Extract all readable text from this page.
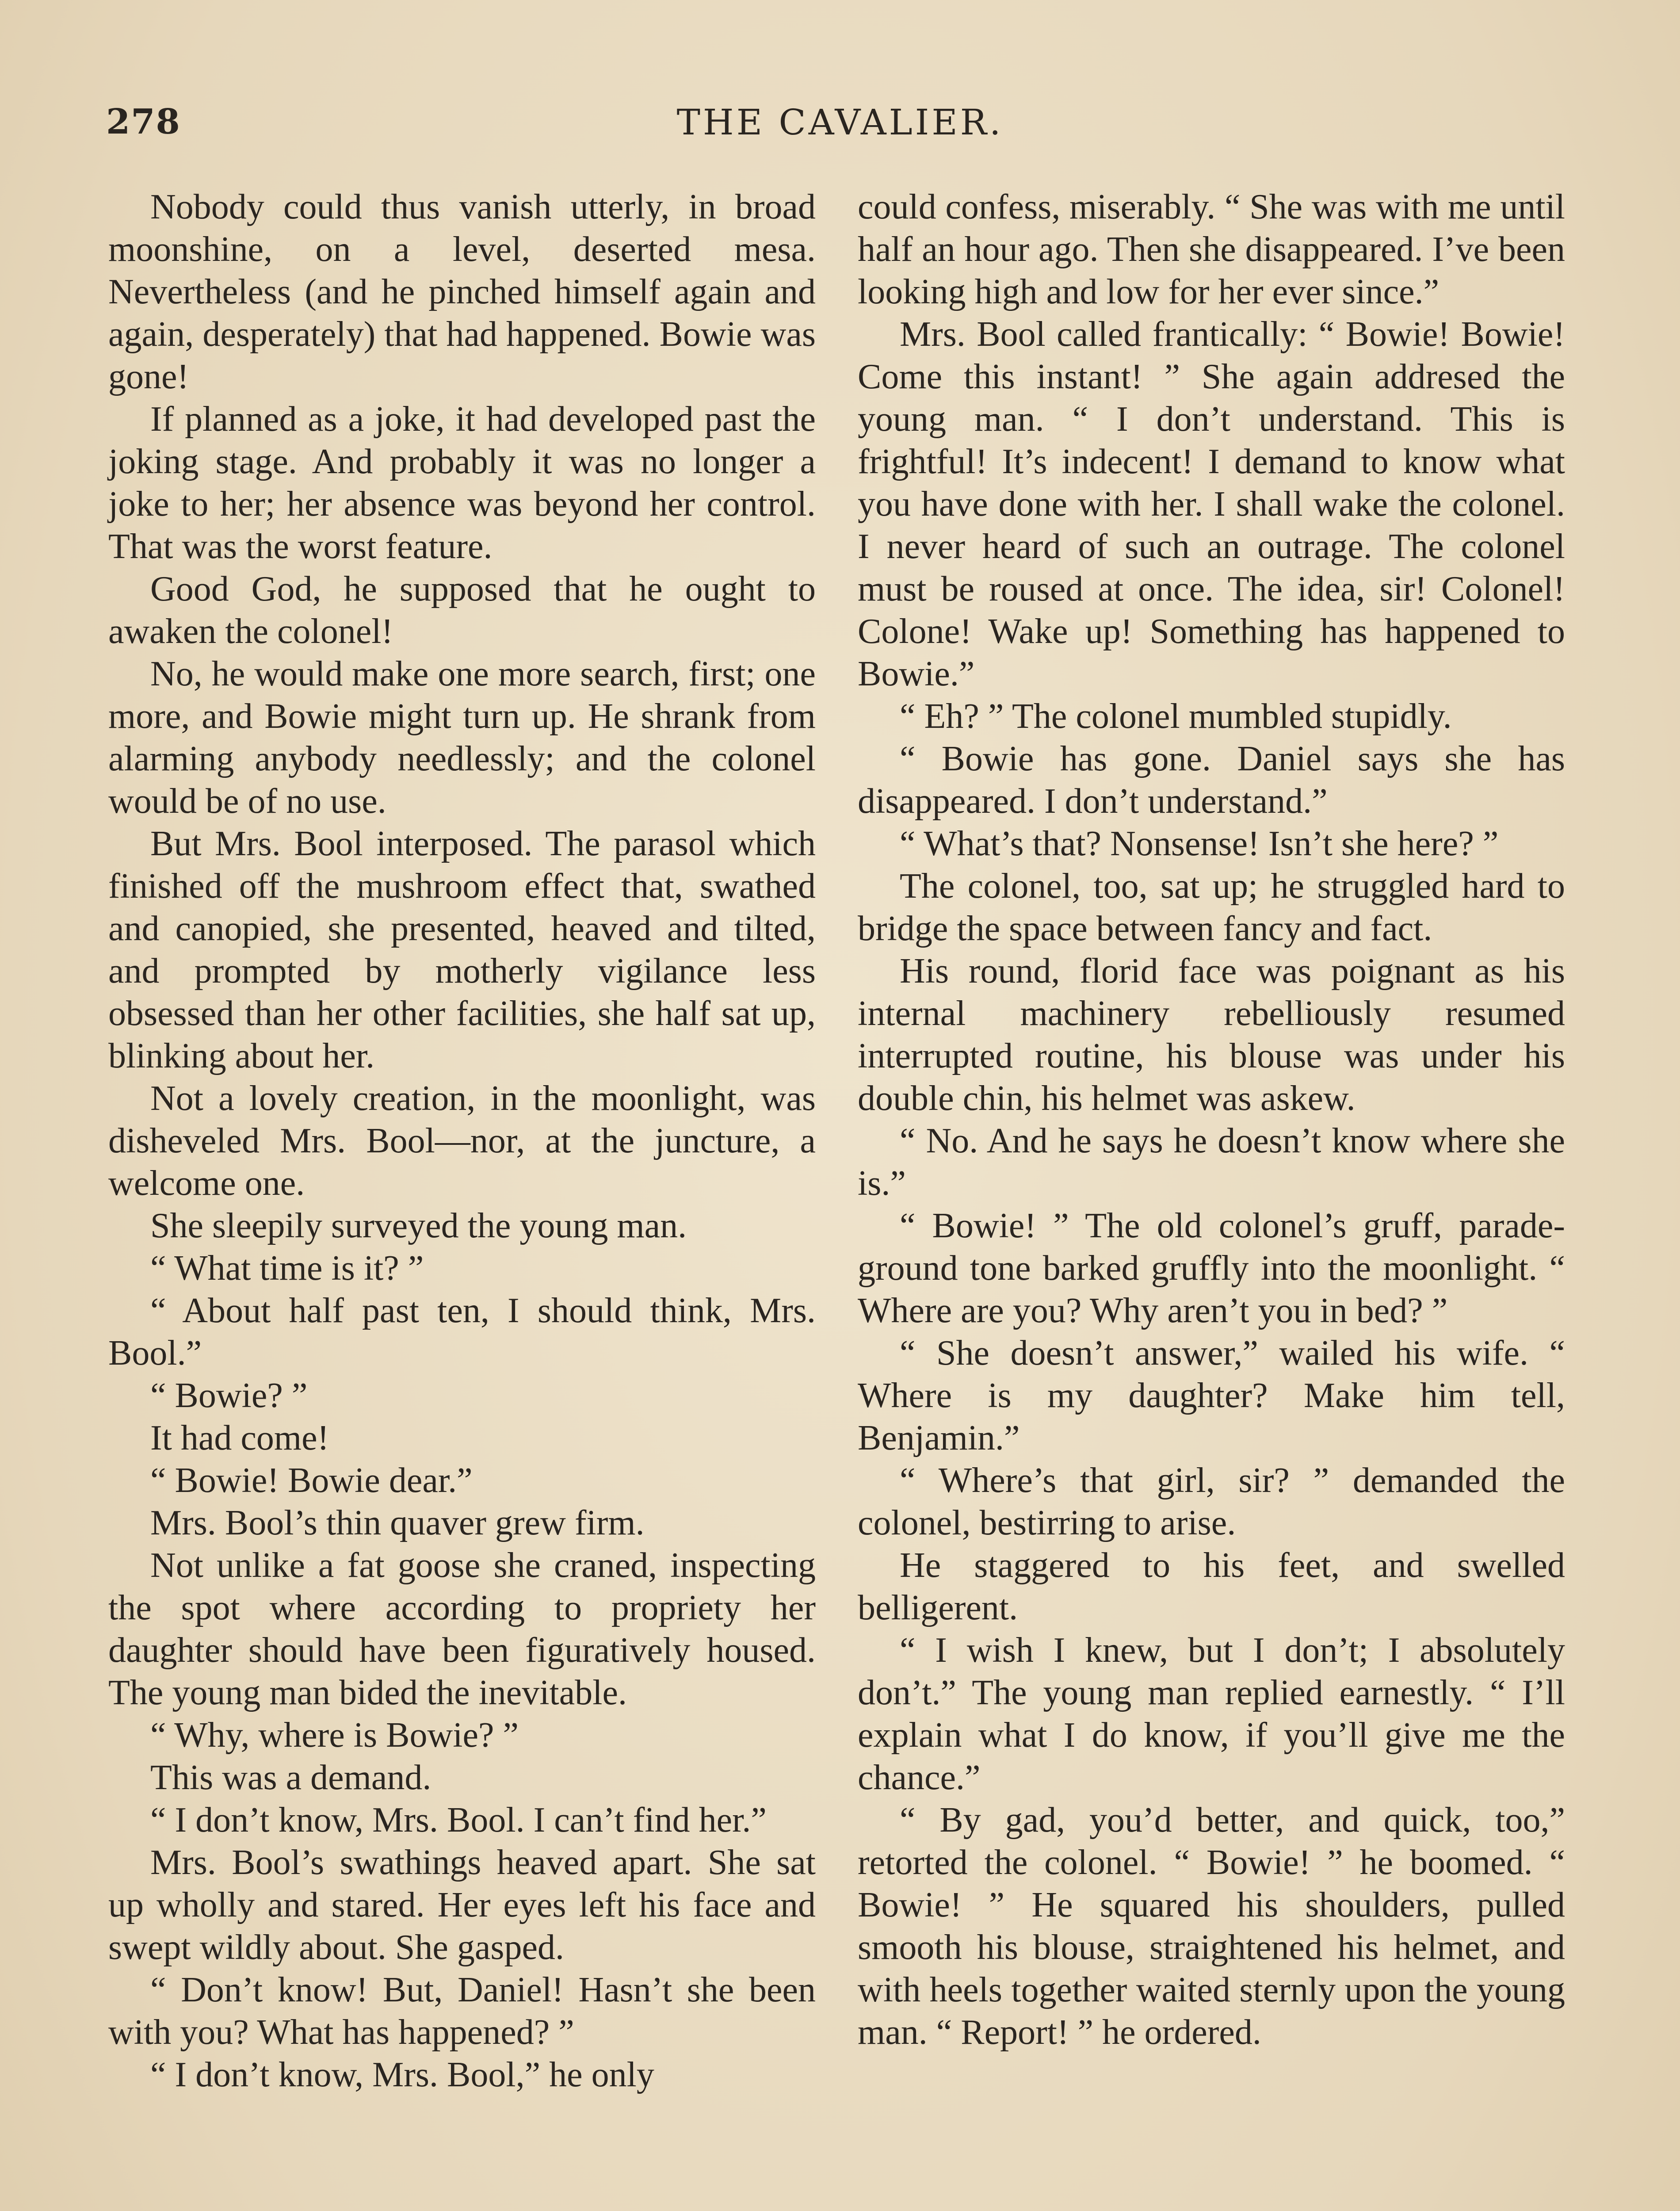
278	THE CAVALIER.

Nobody could thus vanish utterly, in broad moonshine, on a level, deserted mesa. Nevertheless (and he pinched himself again and again, desperately) that had happened. Bowie was gone!

If planned as a joke, it had developed past the joking stage. And probably it was no longer a joke to her; her absence was beyond her control. That was the worst feature.

Good God, he supposed that he ought to awaken the colonel!

No, he would make one more search, first; one more, and Bowie might turn up. He shrank from alarming anybody needlessly; and the colonel would be of no use.

But Mrs. Bool interposed. The parasol which finished off the mushroom effect that, swathed and canopied, she presented, heaved and tilted, and prompted by motherly vigilance less obsessed than her other facilities, she half sat up, blinking about her.

Not a lovely creation, in the moonlight, was disheveled Mrs. Bool—nor, at the juncture, a welcome one.

She sleepily surveyed the young man.

“ What time is it? ”

“ About half past ten, I should think, Mrs. Bool.”

“ Bowie? ”

It had come!

“ Bowie! Bowie dear.”

Mrs. Bool’s thin quaver grew firm.

Not unlike a fat goose she craned, inspecting the spot where according to propriety her daughter should have been figuratively housed. The young man bided the inevitable.

“ Why, where is Bowie? ”

This was a demand.

“ I don’t know, Mrs. Bool. I can’t find her.”

Mrs. Bool’s swathings heaved apart. She sat up wholly and stared. Her eyes left his face and swept wildly about. She gasped.

“ Don’t know! But, Daniel! Hasn’t she been with you? What has happened? ”

“ I don’t know, Mrs. Bool,” he only

could confess, miserably. “ She was with me until half an hour ago. Then she disappeared. I’ve been looking high and low for her ever since.”

Mrs. Bool called frantically: “ Bowie! Bowie! Come this instant! ” She again addresed the young man. “ I don’t understand. This is frightful! It’s indecent! I demand to know what you have done with her. I shall wake the colonel. I never heard of such an outrage. The colonel must be roused at once. The idea, sir! Colonel! Colone! Wake up! Something has happened to Bowie.”

“ Eh? ” The colonel mumbled stupidly.

“ Bowie has gone. Daniel says she has disappeared. I don’t understand.”

“ What’s that? Nonsense! Isn’t she here? ”

The colonel, too, sat up; he struggled hard to bridge the space between fancy and fact.

His round, florid face was poignant as his internal machinery rebelliously resumed interrupted routine, his blouse was under his double chin, his helmet was askew.

“ No. And he says he doesn’t know where she is.”

“ Bowie! ” The old colonel’s gruff, parade-ground tone barked gruffly into the moonlight. “ Where are you? Why aren’t you in bed? ”

“ She doesn’t answer,” wailed his wife. “ Where is my daughter? Make him tell, Benjamin.”

“ Where’s that girl, sir? ” demanded the colonel, bestirring to arise.

He staggered to his feet, and swelled belligerent.

“ I wish I knew, but I don’t; I absolutely don’t.” The young man replied earnestly. “ I’ll explain what I do know, if you’ll give me the chance.”

“ By gad, you’d better, and quick, too,” retorted the colonel. “ Bowie! ” he boomed. “ Bowie! ” He squared his shoulders, pulled smooth his blouse, straightened his helmet, and with heels together waited sternly upon the young man. “ Report! ” he ordered.
